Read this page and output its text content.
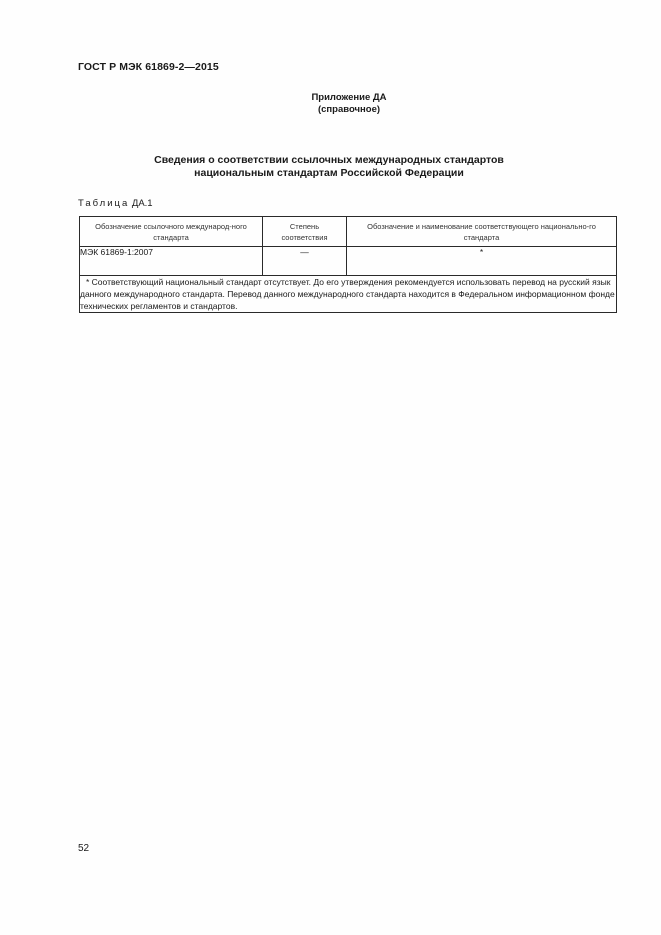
ГОСТ Р МЭК 61869-2—2015
Приложение ДА
(справочное)
Сведения о соответствии ссылочных международных стандартов
национальным стандартам Российской Федерации
Таблица ДА.1
Обозначение ссылочного международ-ного стандарта	Степень соответствия	Обозначение и наименование соответствующего национально-го стандарта
МЭК 61869-1:2007	—	*

* Соответствующий национальный стандарт отсутствует. До его утверждения рекомендуется использовать перевод на русский язык данного международного стандарта. Перевод данного международного стандарта находится в Федеральном информационном фонде технических регламентов и стандартов.		

52
